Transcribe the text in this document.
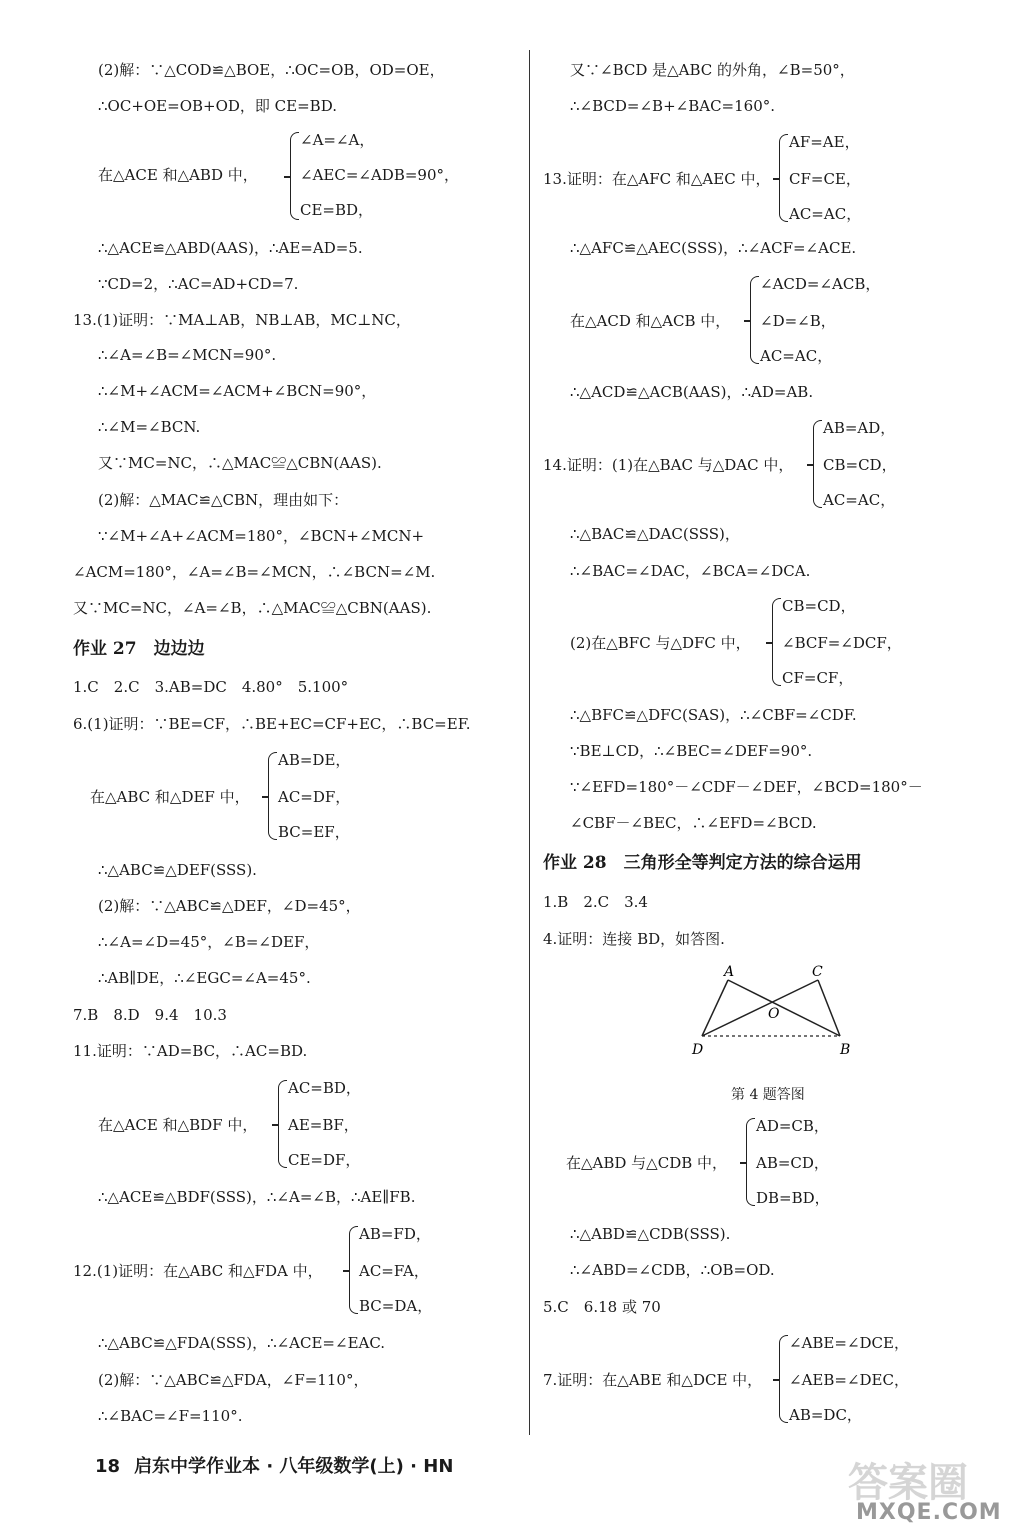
(2)解：∵△COD≌△BOE，∴OC=OB，OD=OE，
∴OC+OE=OB+OD，即 CE=BD.
在△ACE 和△ABD 中，
∠A=∠A，
∠AEC=∠ADB=90°，
CE=BD，
∴△ACE≌△ABD(AAS)，∴AE=AD=5.
∵CD=2，∴AC=AD+CD=7.
13.(1)证明：∵MA⊥AB，NB⊥AB，MC⊥NC，
∴∠A=∠B=∠MCN=90°.
∴∠M+∠ACM=∠ACM+∠BCN=90°，
∴∠M=∠BCN.
又∵MC=NC，∴△MAC≌△CBN(AAS).
(2)解：△MAC≌△CBN，理由如下：
∵∠M+∠A+∠ACM=180°，∠BCN+∠MCN+
∠ACM=180°，∠A=∠B=∠MCN，∴∠BCN=∠M.
又∵MC=NC，∠A=∠B，∴△MAC≌△CBN(AAS).
作业 27　边边边
1.C　2.C　3.AB=DC　4.80°　5.100°
6.(1)证明：∵BE=CF，∴BE+EC=CF+EC，∴BC=EF.
在△ABC 和△DEF 中，
AB=DE，
AC=DF，
BC=EF，
∴△ABC≌△DEF(SSS).
(2)解：∵△ABC≌△DEF，∠D=45°，
∴∠A=∠D=45°，∠B=∠DEF，
∴AB∥DE，∴∠EGC=∠A=45°.
7.B　8.D　9.4　10.3
11.证明：∵AD=BC，∴AC=BD.
在△ACE 和△BDF 中，
AC=BD，
AE=BF，
CE=DF，
∴△ACE≌△BDF(SSS)，∴∠A=∠B，∴AE∥FB.
12.(1)证明：在△ABC 和△FDA 中，
AB=FD，
AC=FA，
BC=DA，
∴△ABC≌△FDA(SSS)，∴∠ACE=∠EAC.
(2)解：∵△ABC≌△FDA，∠F=110°，
∴∠BAC=∠F=110°.
又∵∠BCD 是△ABC 的外角，∠B=50°，
∴∠BCD=∠B+∠BAC=160°.
13.证明：在△AFC 和△AEC 中，
AF=AE，
CF=CE，
AC=AC，
∴△AFC≌△AEC(SSS)，∴∠ACF=∠ACE.
在△ACD 和△ACB 中，
∠ACD=∠ACB，
∠D=∠B，
AC=AC，
∴△ACD≌△ACB(AAS)，∴AD=AB.
14.证明：(1)在△BAC 与△DAC 中，
AB=AD，
CB=CD，
AC=AC，
∴△BAC≌△DAC(SSS)，
∴∠BAC=∠DAC，∠BCA=∠DCA.
(2)在△BFC 与△DFC 中，
CB=CD，
∠BCF=∠DCF，
CF=CF，
∴△BFC≌△DFC(SAS)，∴∠CBF=∠CDF.
∵BE⊥CD，∴∠BEC=∠DEF=90°.
∵∠EFD=180°－∠CDF－∠DEF，∠BCD=180°－
∠CBF－∠BEC，∴∠EFD=∠BCD.
作业 28　三角形全等判定方法的综合运用
1.B　2.C　3.4
4.证明：连接 BD，如答图.
A	C
O
D	B
第 4 题答图
在△ABD 与△CDB 中，
AD=CB，
AB=CD，
DB=BD，
∴△ABD≌△CDB(SSS).
∴∠ABD=∠CDB，∴OB=OD.
5.C　6.18 或 70
7.证明：在△ABE 和△DCE 中，
∠ABE=∠DCE，
∠AEB=∠DEC，
AB=DC，
18 启东中学作业本 · 八年级数学(上) · HN	答案圈
MXQE.COM
